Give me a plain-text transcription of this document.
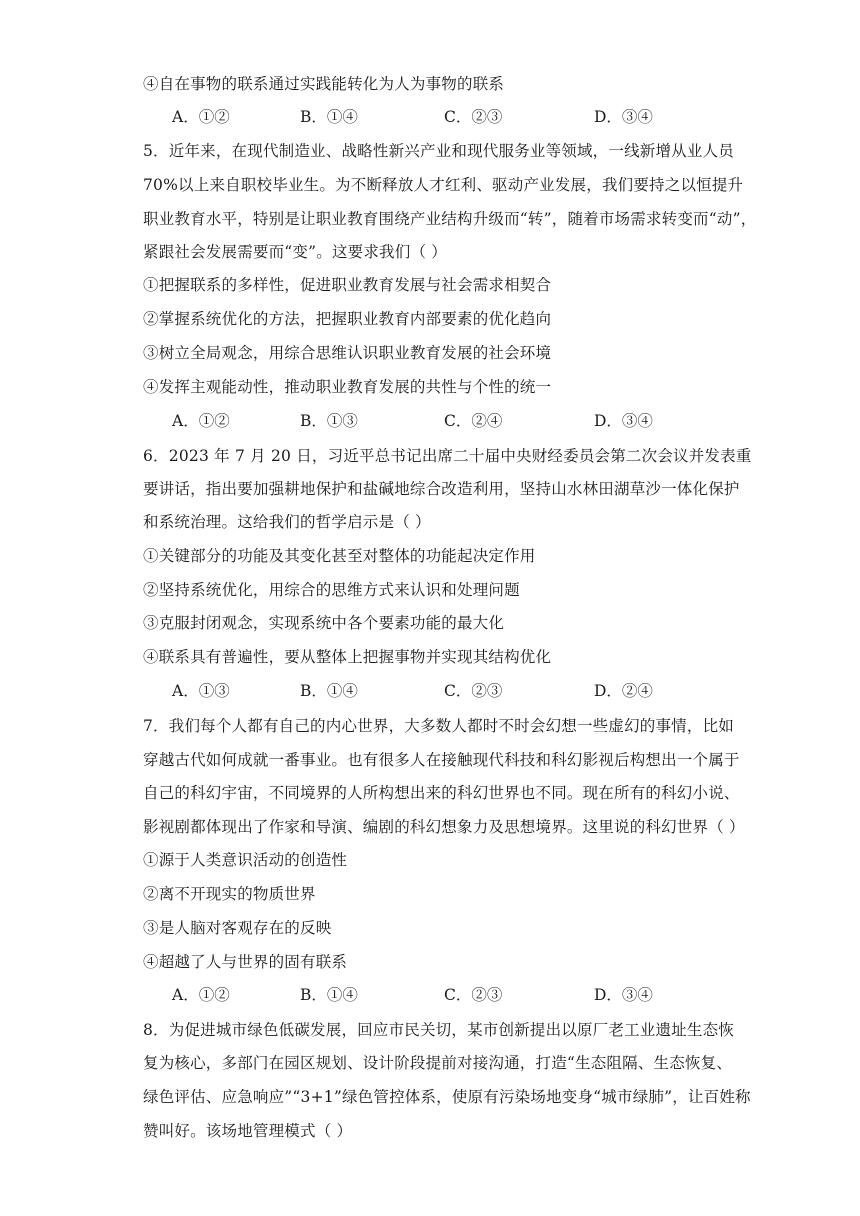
④自在事物的联系通过实践能转化为人为事物的联系
A．①②	B．①④	C．②③	D．③④
5．近年来，在现代制造业、战略性新兴产业和现代服务业等领域，一线新增从业人员
70%以上来自职校毕业生。为不断释放人才红利、驱动产业发展，我们要持之以恒提升
职业教育水平，特别是让职业教育围绕产业结构升级而“转”，随着市场需求转变而“动”，
紧跟社会发展需要而“变”。这要求我们（ ）
①把握联系的多样性，促进职业教育发展与社会需求相契合
②掌握系统优化的方法，把握职业教育内部要素的优化趋向
③树立全局观念，用综合思维认识职业教育发展的社会环境
④发挥主观能动性，推动职业教育发展的共性与个性的统一
A．①②	B．①③	C．②④	D．③④
6．2023 年 7 月 20 日，习近平总书记出席二十届中央财经委员会第二次会议并发表重
要讲话，指出要加强耕地保护和盐碱地综合改造利用，坚持山水林田湖草沙一体化保护
和系统治理。这给我们的哲学启示是（ ）
①关键部分的功能及其变化甚至对整体的功能起决定作用
②坚持系统优化，用综合的思维方式来认识和处理问题
③克服封闭观念，实现系统中各个要素功能的最大化
④联系具有普遍性，要从整体上把握事物并实现其结构优化
A．①③	B．①④	C．②③	D．②④
7．我们每个人都有自己的内心世界，大多数人都时不时会幻想一些虚幻的事情，比如
穿越古代如何成就一番事业。也有很多人在接触现代科技和科幻影视后构想出一个属于
自己的科幻宇宙，不同境界的人所构想出来的科幻世界也不同。现在所有的科幻小说、
影视剧都体现出了作家和导演、编剧的科幻想象力及思想境界。这里说的科幻世界（ ）
①源于人类意识活动的创造性
②离不开现实的物质世界
③是人脑对客观存在的反映
④超越了人与世界的固有联系
A．①②	B．①④	C．②③	D．③④
8．为促进城市绿色低碳发展，回应市民关切，某市创新提出以原厂老工业遗址生态恢
复为核心，多部门在园区规划、设计阶段提前对接沟通，打造“生态阻隔、生态恢复、
绿色评估、应急响应”“3+1”绿色管控体系，使原有污染场地变身“城市绿肺”，让百姓称
赞叫好。该场地管理模式（ ）
